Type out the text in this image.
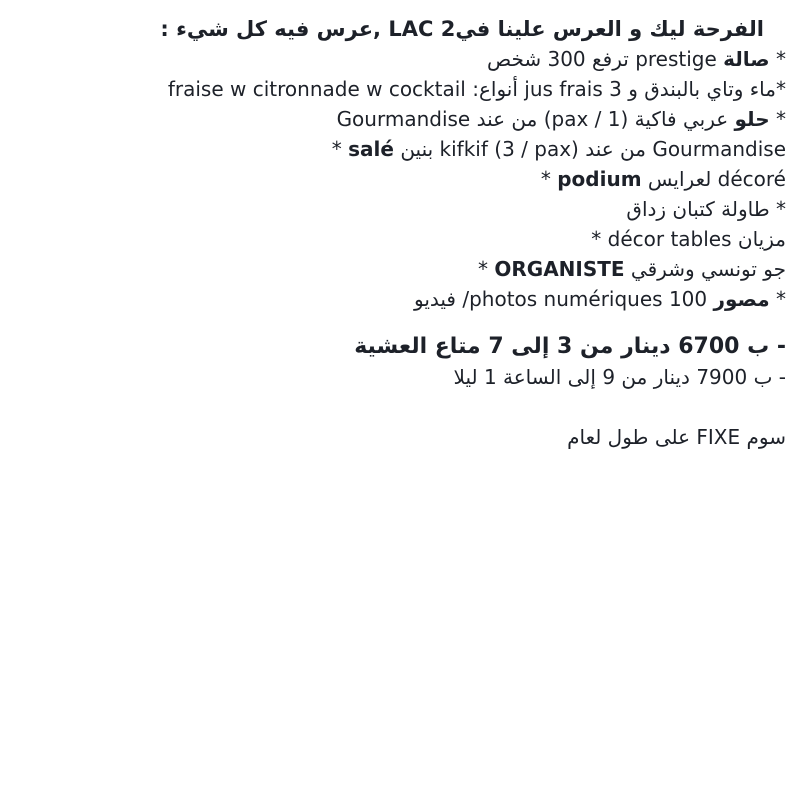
الفرحة ليك و العرس علينا فيLAC 2 ,عرس فيه كل شيء :
* صالة prestige ترفع 300 شخص
*ماء وتاي بالبندق و 3 jus frais أنواع: fraise w citronnade w cocktail
* حلو عربي فاكية (1 / pax) من عند Gourmandise
* salé بنين kifkif (3 / pax) من عند Gourmandise
* podium لعرايس décoré
* طاولة كتبان زداق
* décor tables مزيان
* ORGANISTE جو تونسي وشرقي
* مصور 100 photos numériques/ فيديو
- ب 6700 دينار من 3 إلى 7 متاع العشية
- ب 7900 دينار من 9 إلى الساعة 1 ليلا
سوم FIXE على طول لعام
